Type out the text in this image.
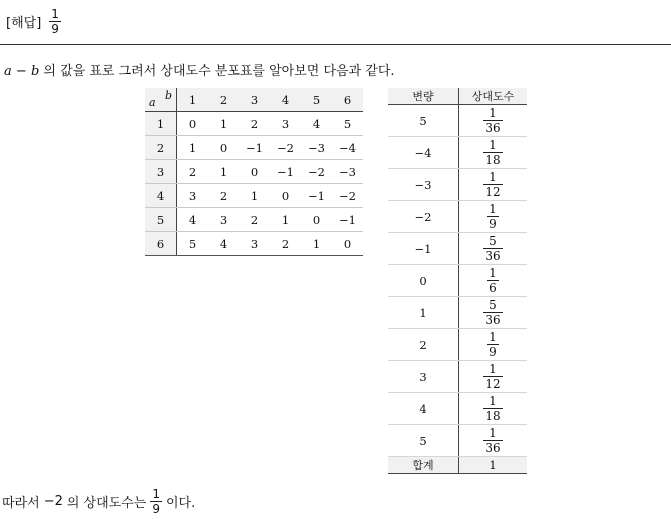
[해답] $\frac{1}{9}$
a − b 의 값을 표로 그려서 상대도수 분포표를 알아보면 다음과 같다.
a
b	1	2	3	4	5	6
1	0	1	2	3	4	5
2	1	0	−1	−2	−3	−4
3	2	1	0	−1	−2	−3
4	3	2	1	0	−1	−2
5	4	3	2	1	0	−1
6	5	4	3	2	1	0
변량	상대도수
5	$\frac{1}{36}$

−4	$\frac{1}{18}$

−3	$\frac{1}{12}$

−2	$\frac{1}{9}$

−1	$\frac{5}{36}$

0	$\frac{1}{6}$

1	$\frac{5}{36}$

2	$\frac{1}{9}$

3	$\frac{1}{12}$

4	$\frac{1}{18}$

5	$\frac{1}{36}$

합계	1
따라서 −2 의 상대도수는 $\frac{1}{9}$ 이다.
